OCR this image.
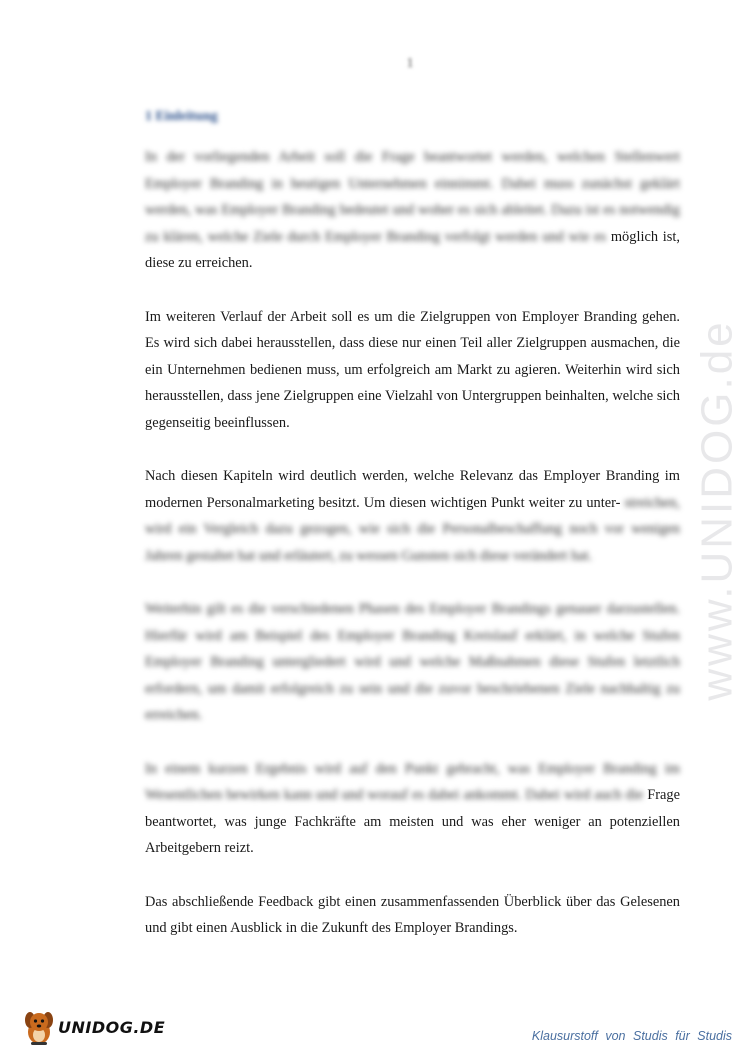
1
1 Einleitung
www.UNIDOG.de

In der vorliegenden Arbeit soll die Frage beantwortet werden, welchen Stellenwert Employer Branding in heutigen Unternehmen einnimmt. Dabei muss zunächst geklärt werden, was Employer Branding bedeutet und woher es sich ableitet. Dazu ist es notwendig zu klären, welche Ziele durch Employer Branding verfolgt werden und wie es möglich ist, diese zu erreichen.

Im weiteren Verlauf der Arbeit soll es um die Zielgruppen von Employer Branding gehen. Es wird sich dabei herausstellen, dass diese nur einen Teil aller Zielgruppen ausmachen, die ein Unternehmen bedienen muss, um erfolgreich am Markt zu agieren. Weiterhin wird sich herausstellen, dass jene Zielgruppen eine Vielzahl von Untergruppen beinhalten, welche sich gegenseitig beeinflussen.

Nach diesen Kapiteln wird deutlich werden, welche Relevanz das Employer Branding im modernen Personalmarketing besitzt. Um diesen wichtigen Punkt weiter zu unter- streichen, wird ein Vergleich dazu gezogen, wie sich die Personalbeschaffung noch vor wenigen Jahren gestaltet hat und erläutert, zu wessen Gunsten sich diese verändert hat.

Weiterhin gilt es die verschiedenen Phasen des Employer Brandings genauer darzustellen. Hierfür wird am Beispiel des Employer Branding Kreislauf erklärt, in welche Stufen Employer Branding untergliedert wird und welche Maßnahmen diese Stufen letztlich erfordern, um damit erfolgreich zu sein und die zuvor beschriebenen Ziele nachhaltig zu erreichen.

In einem kurzen Ergebnis wird auf den Punkt gebracht, was Employer Branding im Wesentlichen bewirken kann und und worauf es dabei ankommt. Dabei wird auch die Frage beantwortet, was junge Fachkräfte am meisten und was eher weniger an potenziellen Arbeitgebern reizt.

Das abschließende Feedback gibt einen zusammenfassenden Überblick über das Gelesenen und gibt einen Ausblick in die Zukunft des Employer Brandings.

UNIDOG.DE	Klausurstoff von Studis für Studis
